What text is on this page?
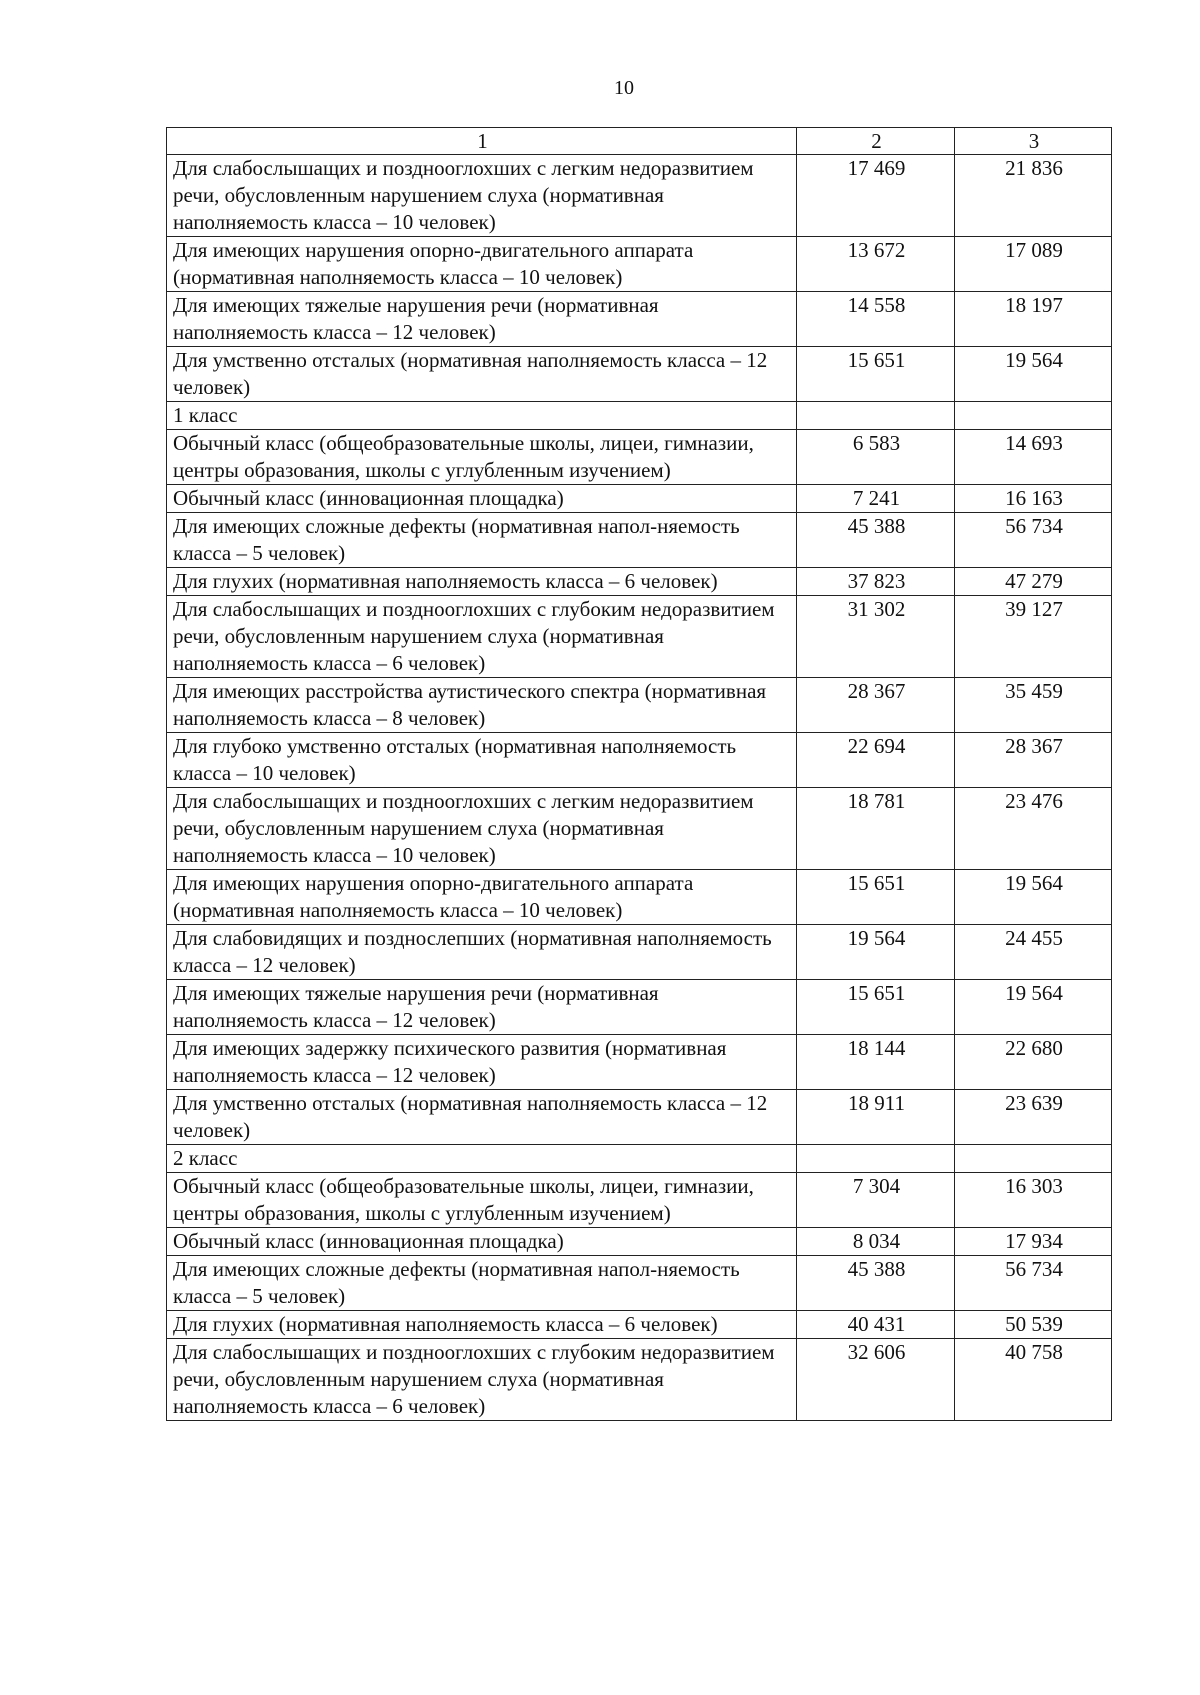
10
1	2	3
Для слабослышащих и позднооглохших с легким недоразвитием речи, обусловленным нарушением слуха (нормативная наполняемость класса – 10 человек)	17 469	21 836
Для имеющих нарушения опорно-двигательного аппарата (нормативная наполняемость класса – 10 человек)	13 672	17 089
Для имеющих тяжелые нарушения речи (нормативная наполняемость класса – 12 человек)	14 558	18 197
Для умственно отсталых (нормативная наполняемость класса – 12 человек)	15 651	19 564
1 класс		
Обычный класс (общеобразовательные школы, лицеи, гимназии, центры образования, школы с углубленным изучением)	6 583	14 693
Обычный класс (инновационная площадка)	7 241	16 163
Для имеющих сложные дефекты (нормативная напол-няемость класса – 5 человек)	45 388	56 734
Для глухих (нормативная наполняемость класса – 6 человек)	37 823	47 279
Для слабослышащих и позднооглохших с глубоким недоразвитием речи, обусловленным нарушением слуха (нормативная наполняемость класса – 6 человек)	31 302	39 127
Для имеющих расстройства аутистического спектра (нормативная наполняемость класса – 8 человек)	28 367	35 459
Для глубоко умственно отсталых (нормативная наполняемость класса – 10 человек)	22 694	28 367
Для слабослышащих и позднооглохших с легким недоразвитием речи, обусловленным нарушением слуха (нормативная наполняемость класса – 10 человек)	18 781	23 476
Для имеющих нарушения опорно-двигательного аппарата (нормативная наполняемость класса – 10 человек)	15 651	19 564
Для слабовидящих и позднослепших (нормативная наполняемость класса – 12 человек)	19 564	24 455
Для имеющих тяжелые нарушения речи (нормативная наполняемость класса – 12 человек)	15 651	19 564
Для имеющих задержку психического развития (нормативная наполняемость класса – 12 человек)	18 144	22 680
Для умственно отсталых (нормативная наполняемость класса – 12 человек)	18 911	23 639
2 класс		
Обычный класс (общеобразовательные школы, лицеи, гимназии, центры образования, школы с углубленным изучением)	7 304	16 303
Обычный класс (инновационная площадка)	8 034	17 934
Для имеющих сложные дефекты (нормативная напол-няемость класса – 5 человек)	45 388	56 734
Для глухих (нормативная наполняемость класса – 6 человек)	40 431	50 539
Для слабослышащих и позднооглохших с глубоким недоразвитием речи, обусловленным нарушением слуха (нормативная наполняемость класса – 6 человек)	32 606	40 758
